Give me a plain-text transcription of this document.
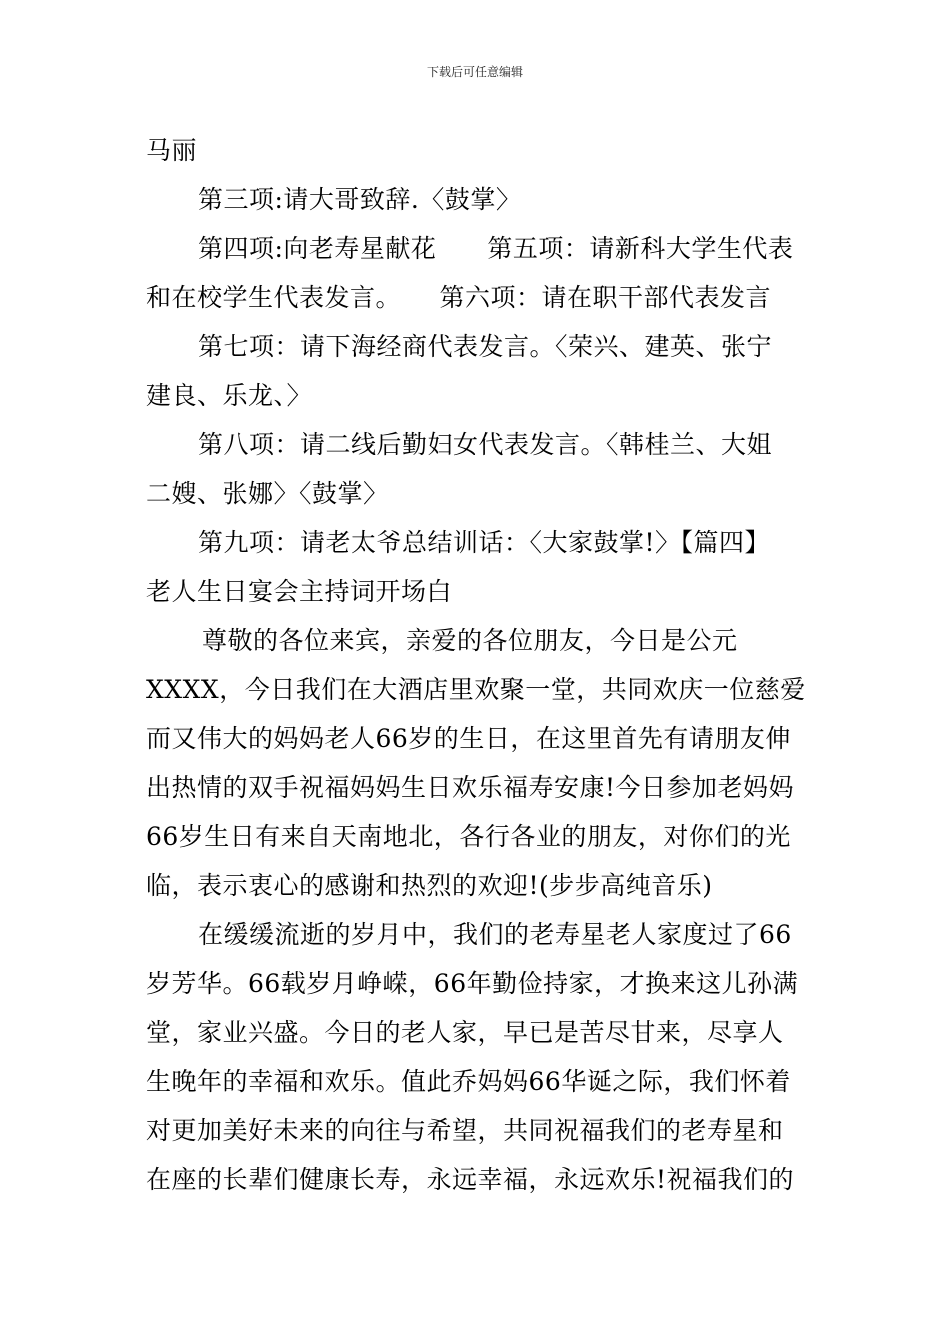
下载后可任意编辑
马丽
第三项:请大哥致辞.〈鼓掌〉
第四项:向老寿星献花　　第五项：请新科大学生代表
和在校学生代表发言。　　第六项：请在职干部代表发言
第七项：请下海经商代表发言。〈荣兴、建英、张宁
建良、乐龙、〉
第八项：请二线后勤妇女代表发言。〈韩桂兰、大姐
二嫂、张娜〉〈鼓掌〉
第九项：请老太爷总结训话：〈大家鼓掌!〉【篇四】
老人生日宴会主持词开场白
尊敬的各位来宾，亲爱的各位朋友，今日是公元
XXXX，今日我们在大酒店里欢聚一堂，共同欢庆一位慈爱
而又伟大的妈妈老人66岁的生日，在这里首先有请朋友伸
出热情的双手祝福妈妈生日欢乐福寿安康!今日参加老妈妈
66岁生日有来自天南地北，各行各业的朋友，对你们的光
临，表示衷心的感谢和热烈的欢迎!(步步高纯音乐)
在缓缓流逝的岁月中，我们的老寿星老人家度过了66
岁芳华。66载岁月峥嵘，66年勤俭持家，才换来这儿孙满
堂，家业兴盛。今日的老人家，早已是苦尽甘来，尽享人
生晚年的幸福和欢乐。值此乔妈妈66华诞之际，我们怀着
对更加美好未来的向往与希望，共同祝福我们的老寿星和
在座的长辈们健康长寿，永远幸福，永远欢乐!祝福我们的
